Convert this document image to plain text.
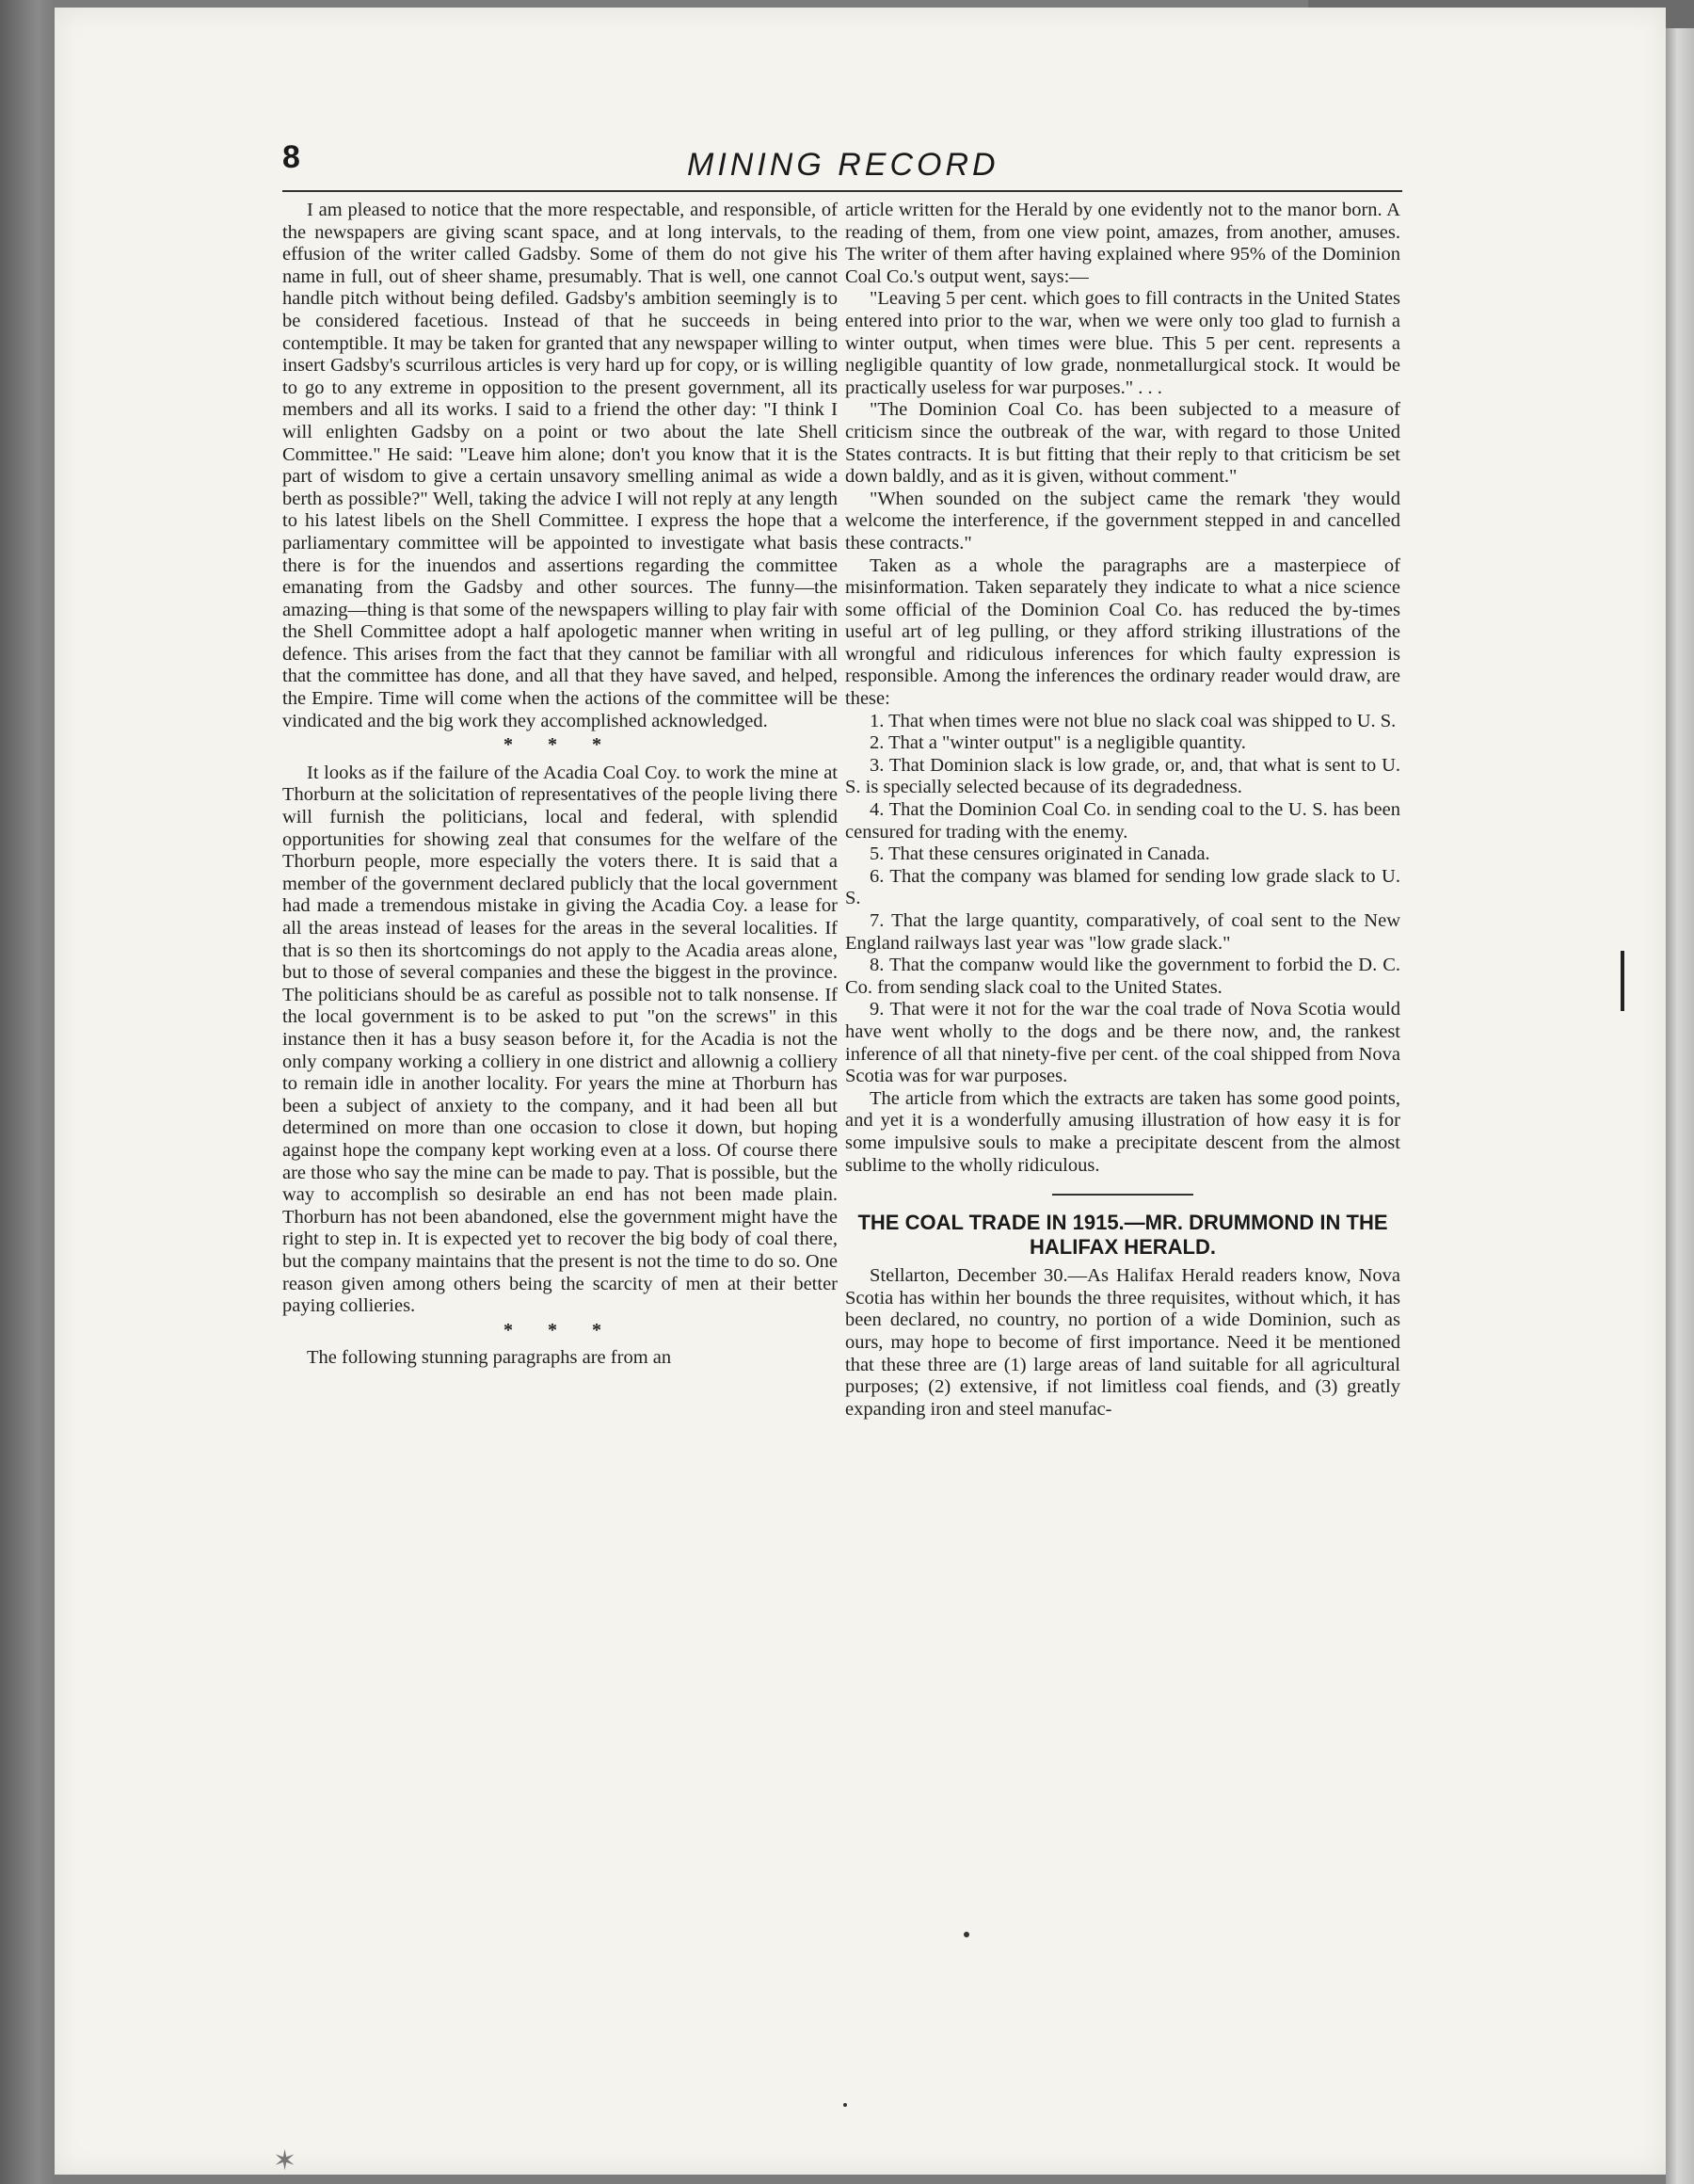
8	MINING RECORD

I am pleased to notice that the more respectable, and responsible, of the newspapers are giving scant space, and at long intervals, to the effusion of the writer called Gadsby. Some of them do not give his name in full, out of sheer shame, presumably. That is well, one cannot handle pitch without being defiled. Gadsby's ambition seemingly is to be considered facetious. Instead of that he succeeds in being contemptible. It may be taken for granted that any newspaper willing to insert Gadsby's scurrilous articles is very hard up for copy, or is willing to go to any extreme in opposition to the present government, all its members and all its works. I said to a friend the other day: "I think I will enlighten Gadsby on a point or two about the late Shell Committee." He said: "Leave him alone; don't you know that it is the part of wisdom to give a certain unsavory smelling animal as wide a berth as possible?" Well, taking the advice I will not reply at any length to his latest libels on the Shell Committee. I express the hope that a parliamentary committee will be appointed to investigate what basis there is for the inuendos and assertions regarding the committee emanating from the Gadsby and other sources. The funny—the amazing—thing is that some of the newspapers willing to play fair with the Shell Committee adopt a half apologetic manner when writing in defence. This arises from the fact that they cannot be familiar with all that the committee has done, and all that they have saved, and helped, the Empire. Time will come when the actions of the committee will be vindicated and the big work they accomplished acknowledged.

* * *

It looks as if the failure of the Acadia Coal Coy. to work the mine at Thorburn at the solicitation of representatives of the people living there will furnish the politicians, local and federal, with splendid opportunities for showing zeal that consumes for the welfare of the Thorburn people, more especially the voters there. It is said that a member of the government declared publicly that the local government had made a tremendous mistake in giving the Acadia Coy. a lease for all the areas instead of leases for the areas in the several localities. If that is so then its shortcomings do not apply to the Acadia areas alone, but to those of several companies and these the biggest in the province. The politicians should be as careful as possible not to talk nonsense. If the local government is to be asked to put "on the screws" in this instance then it has a busy season before it, for the Acadia is not the only company working a colliery in one district and allownig a colliery to remain idle in another locality. For years the mine at Thorburn has been a subject of anxiety to the company, and it had been all but determined on more than one occasion to close it down, but hoping against hope the company kept working even at a loss. Of course there are those who say the mine can be made to pay. That is possible, but the way to accomplish so desirable an end has not been made plain. Thorburn has not been abandoned, else the government might have the right to step in. It is expected yet to recover the big body of coal there, but the company maintains that the present is not the time to do so. One reason given among others being the scarcity of men at their better paying collieries.

* * *

The following stunning paragraphs are from an

article written for the Herald by one evidently not to the manor born. A reading of them, from one view point, amazes, from another, amuses. The writer of them after having explained where 95% of the Dominion Coal Co.'s output went, says:—

"Leaving 5 per cent. which goes to fill contracts in the United States entered into prior to the war, when we were only too glad to furnish a winter output, when times were blue. This 5 per cent. represents a negligible quantity of low grade, nonmetallurgical stock. It would be practically useless for war purposes." . . .

"The Dominion Coal Co. has been subjected to a measure of criticism since the outbreak of the war, with regard to those United States contracts. It is but fitting that their reply to that criticism be set down baldly, and as it is given, without comment."

"When sounded on the subject came the remark 'they would welcome the interference, if the government stepped in and cancelled these contracts."

Taken as a whole the paragraphs are a masterpiece of misinformation. Taken separately they indicate to what a nice science some official of the Dominion Coal Co. has reduced the by-times useful art of leg pulling, or they afford striking illustrations of the wrongful and ridiculous inferences for which faulty expression is responsible. Among the inferences the ordinary reader would draw, are these:

1. That when times were not blue no slack coal was shipped to U. S.

2. That a "winter output" is a negligible quantity.

3. That Dominion slack is low grade, or, and, that what is sent to U. S. is specially selected because of its degradedness.

4. That the Dominion Coal Co. in sending coal to the U. S. has been censured for trading with the enemy.

5. That these censures originated in Canada.

6. That the company was blamed for sending low grade slack to U. S.

7. That the large quantity, comparatively, of coal sent to the New England railways last year was "low grade slack."

8. That the companw would like the government to forbid the D. C. Co. from sending slack coal to the United States.

9. That were it not for the war the coal trade of Nova Scotia would have went wholly to the dogs and be there now, and, the rankest inference of all that ninety-five per cent. of the coal shipped from Nova Scotia was for war purposes.

The article from which the extracts are taken has some good points, and yet it is a wonderfully amusing illustration of how easy it is for some impulsive souls to make a precipitate descent from the almost sublime to the wholly ridiculous.

THE COAL TRADE IN 1915.—MR. DRUMMOND IN THE HALIFAX HERALD.

Stellarton, December 30.—As Halifax Herald readers know, Nova Scotia has within her bounds the three requisites, without which, it has been declared, no country, no portion of a wide Dominion, such as ours, may hope to become of first importance. Need it be mentioned that these three are (1) large areas of land suitable for all agricultural purposes; (2) extensive, if not limitless coal fiends, and (3) greatly expanding iron and steel manufac-

✶
